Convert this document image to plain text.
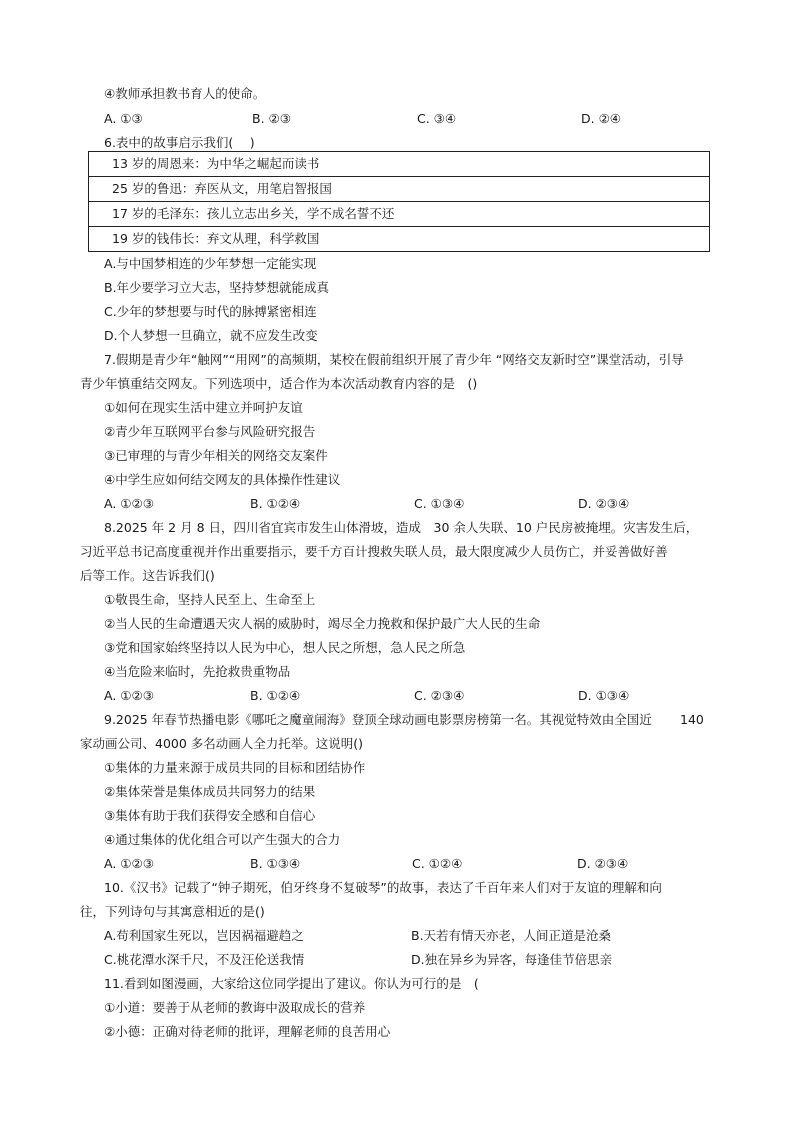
④教师承担教书育人的使命。
A. ①③	B. ②③	C. ③④	D. ②④
6.表中的故事启示我们(　 )
13 岁的周恩来：为中华之崛起而读书
25 岁的鲁迅：弃医从文，用笔启智报国
17 岁的毛泽东：孩儿立志出乡关，学不成名誓不还
19 岁的钱伟长：弃文从理，科学救国
A.与中国梦相连的少年梦想一定能实现
B.年少要学习立大志，坚持梦想就能成真
C.少年的梦想要与时代的脉搏紧密相连
D.个人梦想一旦确立，就不应发生改变
7.假期是青少年“触网”“用网”的高频期，某校在假前组织开展了青少年 “网络交友新时空”课堂活动，引导
青少年慎重结交网友。下列选项中，适合作为本次活动教育内容的是　()
①如何在现实生活中建立并呵护友谊
②青少年互联网平台参与风险研究报告
③已审理的与青少年相关的网络交友案件
④中学生应如何结交网友的具体操作性建议
A. ①②③	B. ①②④	C. ①③④	D. ②③④
8.2025 年 2 月 8 日，四川省宜宾市发生山体滑坡，造成　30 余人失联、10 户民房被掩埋。灾害发生后，
习近平总书记高度重视并作出重要指示，要千方百计搜救失联人员，最大限度减少人员伤亡，并妥善做好善
后等工作。这告诉我们()
①敬畏生命，坚持人民至上、生命至上
②当人民的生命遭遇天灾人祸的威胁时，竭尽全力挽救和保护最广大人民的生命
③党和国家始终坚持以人民为中心，想人民之所想，急人民之所急
④当危险来临时，先抢救贵重物品
A. ①②③	B. ①②④	C. ②③④	D. ①③④
9.2025 年春节热播电影《哪吒之魔童闹海》登顶全球动画电影票房榜第一名。其视觉特效由全国近 140
家动画公司、4000 多名动画人全力托举。这说明()
①集体的力量来源于成员共同的目标和团结协作
②集体荣誉是集体成员共同努力的结果
③集体有助于我们获得安全感和自信心
④通过集体的优化组合可以产生强大的合力
A. ①②③	B. ①③④	C. ①②④	D. ②③④
10.《汉书》记载了“钟子期死，伯牙终身不复破琴”的故事，表达了千百年来人们对于友谊的理解和向
往，下列诗句与其寓意相近的是()
A.苟利国家生死以，岂因祸福避趋之	B.天若有情天亦老，人间正道是沧桑
C.桃花潭水深千尺，不及汪伦送我情	D.独在异乡为异客，每逢佳节倍思亲
11.看到如图漫画，大家给这位同学提出了建议。你认为可行的是　(
①小道：要善于从老师的教诲中汲取成长的营养
②小德：正确对待老师的批评，理解老师的良苦用心
